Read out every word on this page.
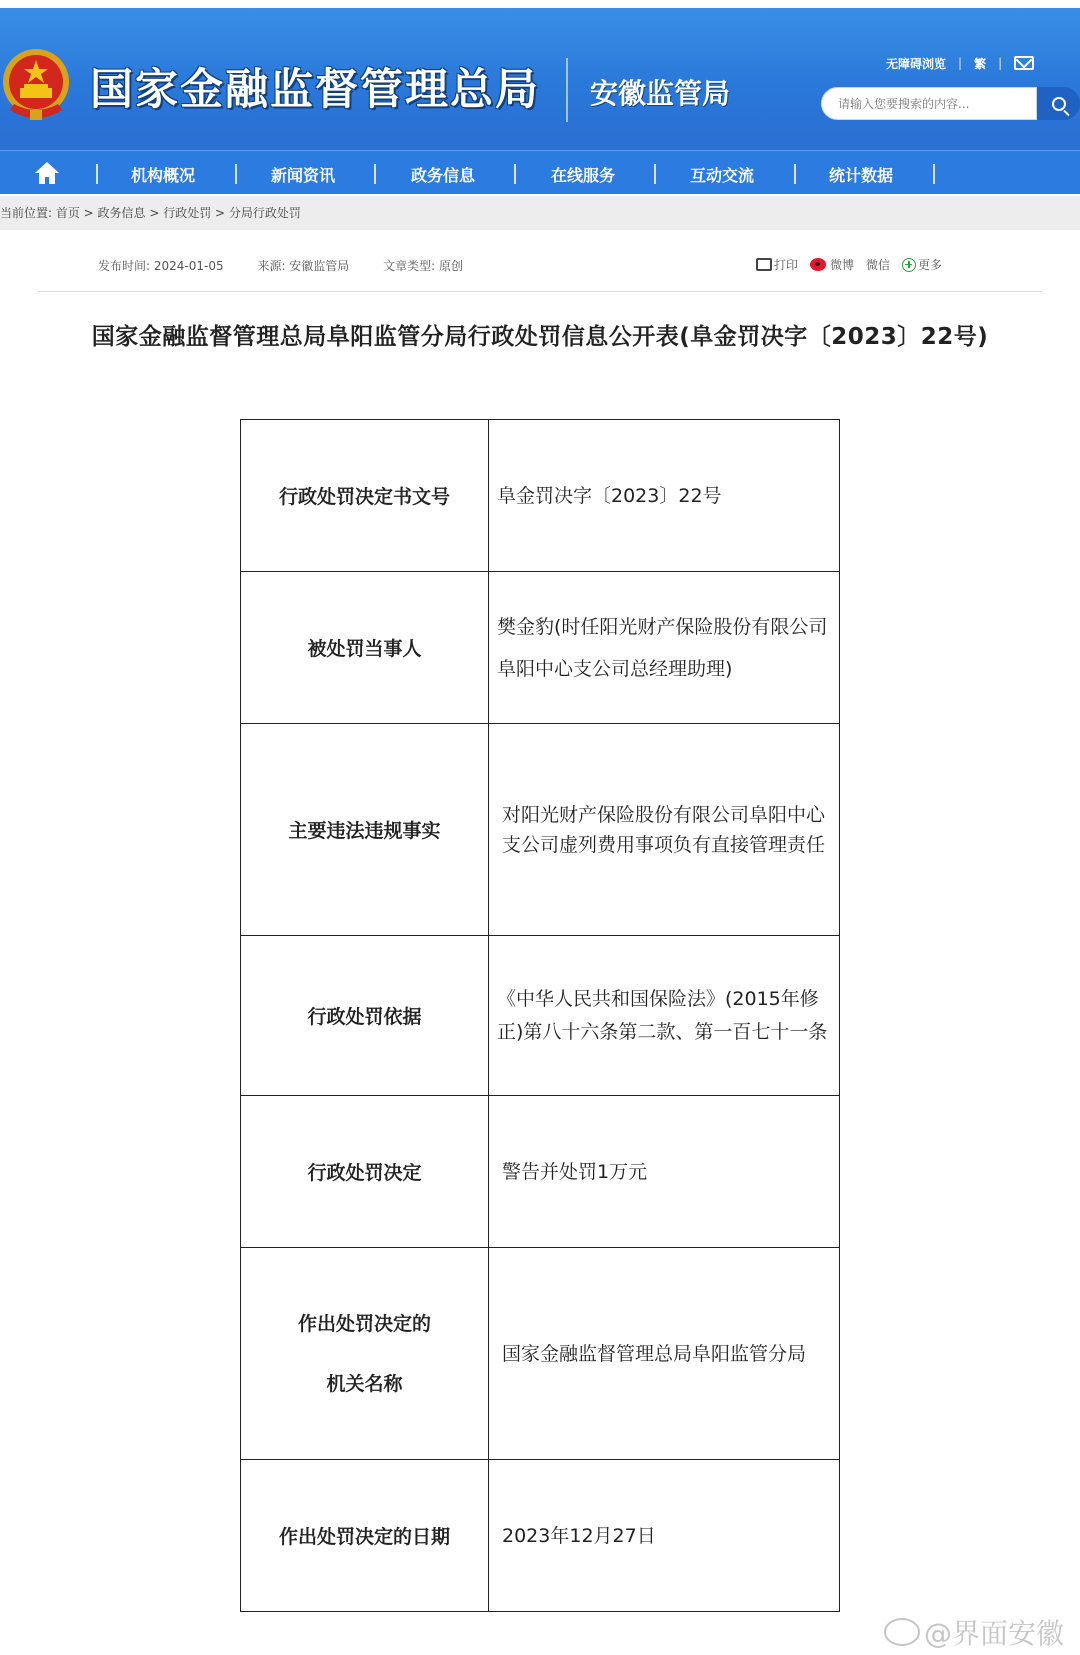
国家金融监督管理总局 安徽监管局
无障碍浏览 | 繁 |
请输入您要搜索的内容...
机构概况	新闻资讯	政务信息	在线服务	互动交流	统计数据
当前位置: 首页 > 政务信息 > 行政处罚 > 分局行政处罚
发布时间: 2024-01-05	来源: 安徽监管局	文章类型: 原创	打印	微博 微信 更多
国家金融监督管理总局阜阳监管分局行政处罚信息公开表(阜金罚决字〔2023〕22号)
行政处罚决定书文号	阜金罚决字〔2023〕22号
被处罚当事人	樊金豹(时任阳光财产保险股份有限公司阜阳中心支公司总经理助理)
主要违法违规事实	对阳光财产保险股份有限公司阜阳中心支公司虚列费用事项负有直接管理责任
行政处罚依据	《中华人民共和国保险法》(2015年修正)第八十六条第二款、第一百七十一条
行政处罚决定	警告并处罚1万元

作出处罚决定的
机关名称	国家金融监督管理总局阜阳监管分局
作出处罚决定的日期	2023年12月27日
@界面安徽
